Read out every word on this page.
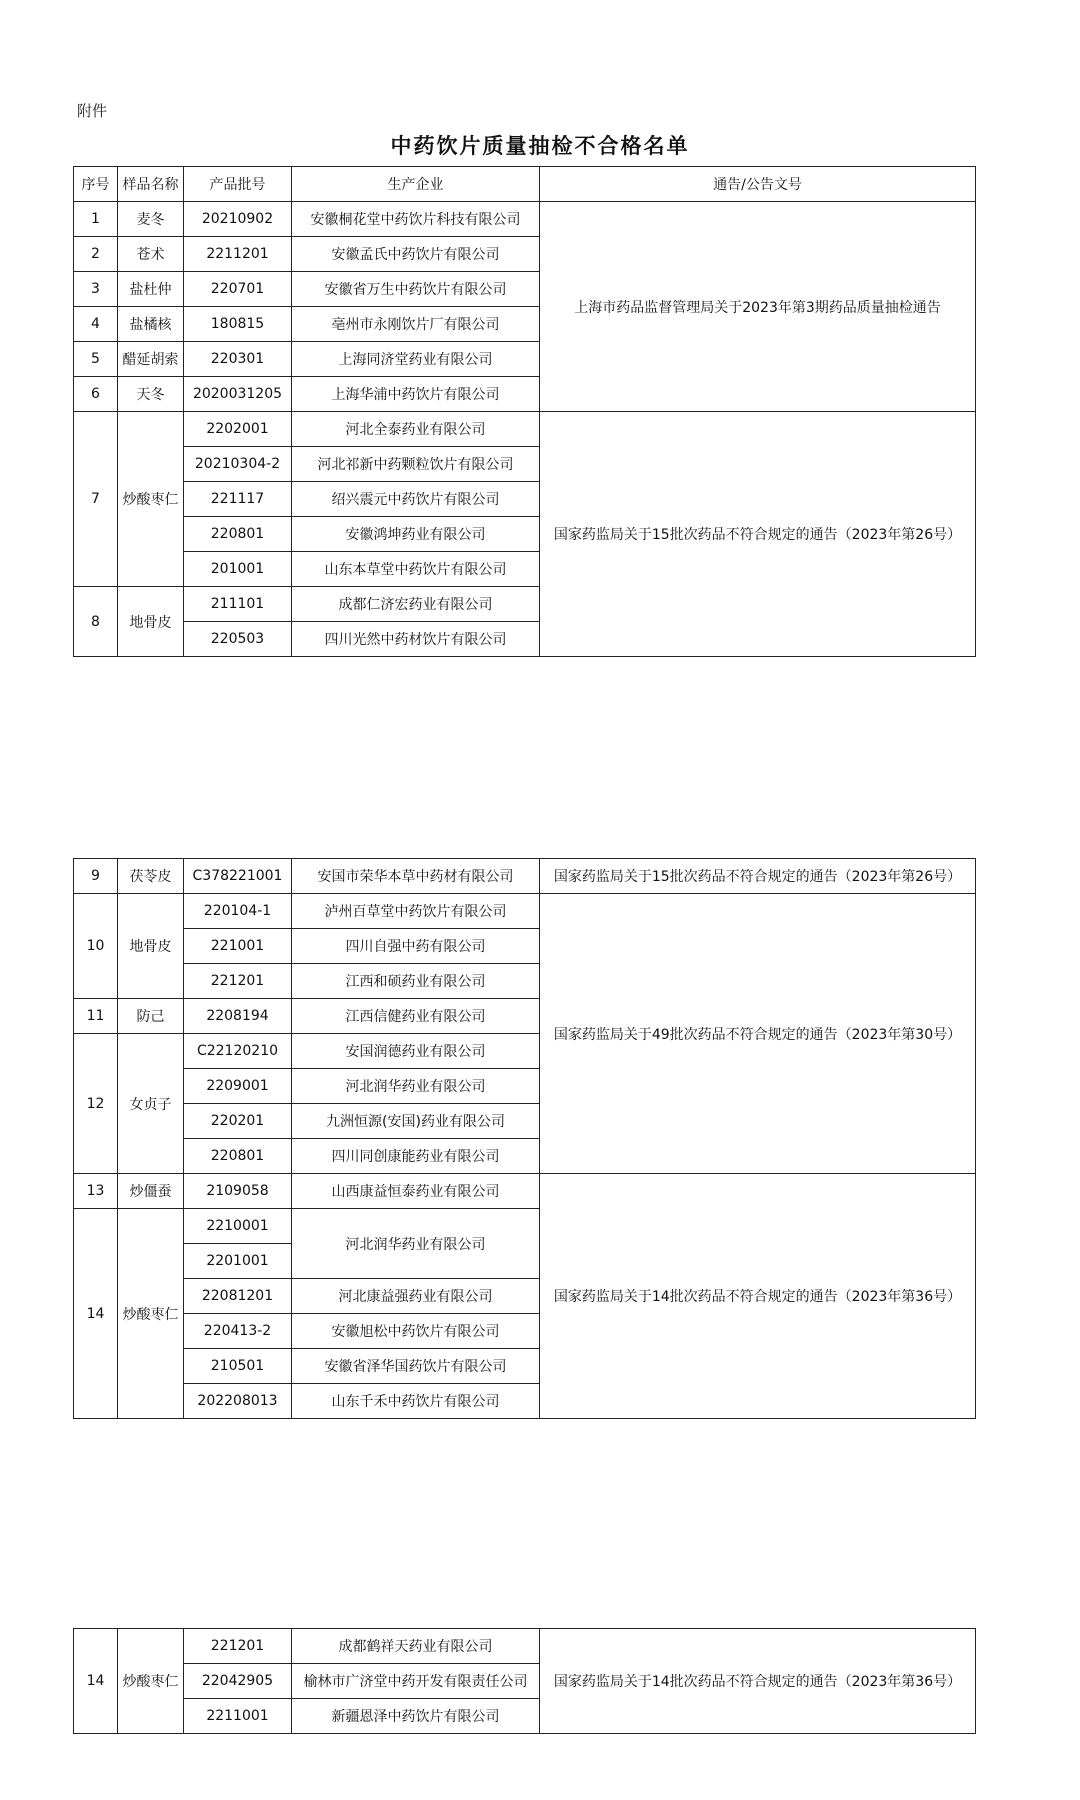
附件
中药饮片质量抽检不合格名单
序号	样品名称	产品批号	生产企业	通告/公告文号
1	麦冬	20210902	安徽桐花堂中药饮片科技有限公司	上海市药品监督管理局关于2023年第3期药品质量抽检通告
2	苍术	2211201	安徽孟氏中药饮片有限公司	
3	盐杜仲	220701	安徽省万生中药饮片有限公司	
4	盐橘核	180815	亳州市永刚饮片厂有限公司	
5	醋延胡索	220301	上海同济堂药业有限公司	
6	天冬	2020031205	上海华浦中药饮片有限公司	
7	炒酸枣仁	2202001	河北全泰药业有限公司	国家药监局关于15批次药品不符合规定的通告（2023年第26号）
		20210304-2	河北祁新中药颗粒饮片有限公司	
		221117	绍兴震元中药饮片有限公司	
		220801	安徽鸿坤药业有限公司	
		201001	山东本草堂中药饮片有限公司	
8	地骨皮	211101	成都仁济宏药业有限公司	
		220503	四川光然中药材饮片有限公司	
9	茯苓皮	C378221001	安国市荣华本草中药材有限公司	国家药监局关于15批次药品不符合规定的通告（2023年第26号）
10	地骨皮	220104-1	泸州百草堂中药饮片有限公司	国家药监局关于49批次药品不符合规定的通告（2023年第30号）
		221001	四川自强中药有限公司	
		221201	江西和硕药业有限公司	
11	防己	2208194	江西信健药业有限公司	
12	女贞子	C22120210	安国润德药业有限公司	
		2209001	河北润华药业有限公司	
		220201	九洲恒源(安国)药业有限公司	
		220801	四川同创康能药业有限公司	
13	炒僵蚕	2109058	山西康益恒泰药业有限公司	国家药监局关于14批次药品不符合规定的通告（2023年第36号）
14	炒酸枣仁	2210001	河北润华药业有限公司	
		2201001		
		22081201	河北康益强药业有限公司	
		220413-2	安徽旭松中药饮片有限公司	
		210501	安徽省泽华国药饮片有限公司	
		202208013	山东千禾中药饮片有限公司	
14	炒酸枣仁	221201	成都鹤祥天药业有限公司	国家药监局关于14批次药品不符合规定的通告（2023年第36号）
		22042905	榆林市广济堂中药开发有限责任公司	
		2211001	新疆恩泽中药饮片有限公司	
